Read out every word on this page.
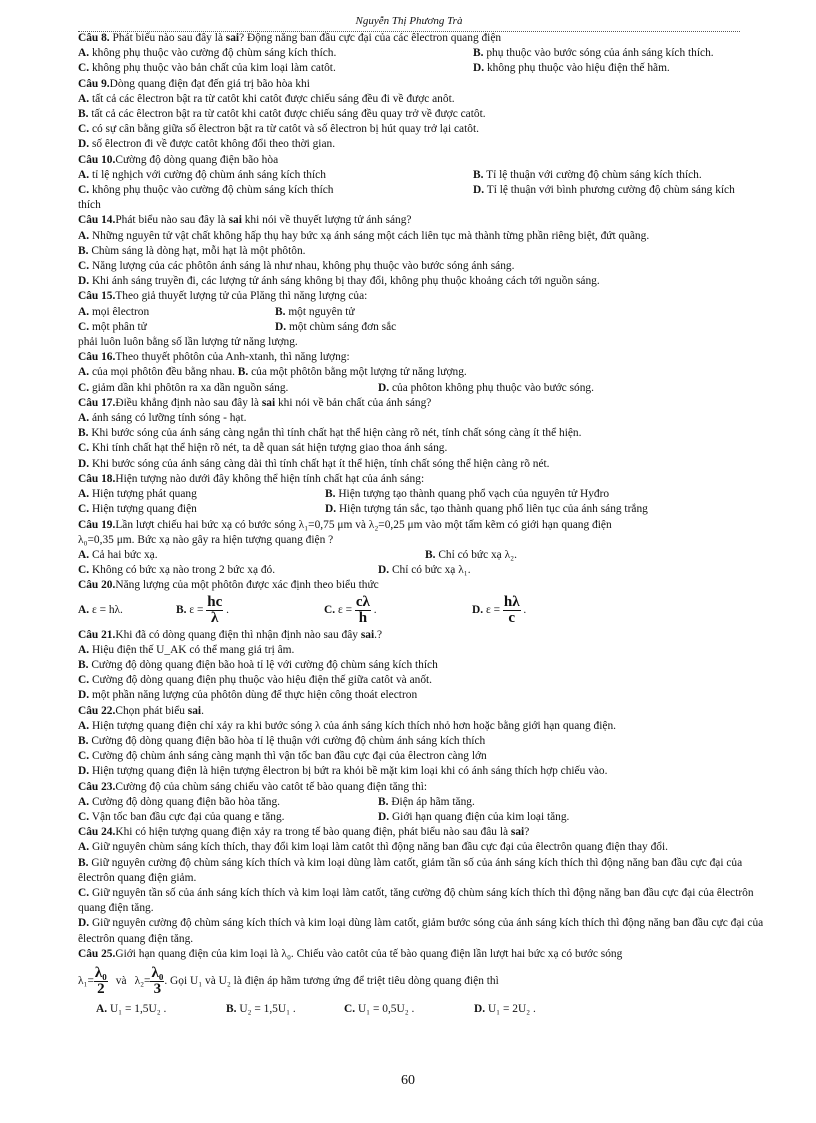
Nguyễn Thị Phương Trà
Câu 8. Phát biểu nào sau đây là sai? Động năng ban đầu cực đại của các êlectron quang điện
A. không phụ thuộc vào cường độ chùm sáng kích thích.	B. phụ thuộc vào bước sóng của ánh sáng kích thích.
C. không phụ thuộc vào bản chất của kim loại làm catôt.	D. không phụ thuộc vào hiệu điện thế hãm.
Câu 9.Dòng quang điện đạt đến giá trị bão hòa khi
A. tất cả các êlectron bật ra từ catôt khi catôt được chiếu sáng đều đi về được anôt.
B. tất cả các êlectron bật ra từ catôt khi catôt được chiếu sáng đều quay trở về được catôt.
C. có sự cân bằng giữa số êlectron bật ra từ catôt và số êlectron bị hút quay trở lại catôt.
D. số êlectron đi về được catôt không đổi theo thời gian.
Câu 10.Cường độ dòng quang điện bão hòa
A. tỉ lệ nghịch với cường độ chùm ánh sáng kích thích	B. Tỉ lệ thuận với cường độ chùm sáng kích thích.
C. không phụ thuộc vào cường độ chùm sáng kích thích	D. Tỉ lệ thuận với bình phương cường độ chùm sáng kích
thích
Câu 14.Phát biểu nào sau đây là sai khi nói về thuyết lượng tử ánh sáng?
A. Những nguyên tử vật chất không hấp thụ hay bức xạ ánh sáng một cách liên tục mà thành từng phần riêng biệt, đứt quãng.
B. Chùm sáng là dòng hạt, mỗi hạt là một phôtôn.
C. Năng lượng của các phôtôn ánh sáng là như nhau, không phụ thuộc vào bước sóng ánh sáng.
D. Khi ánh sáng truyền đi, các lượng tử ánh sáng không bị thay đổi, không phụ thuộc khoảng cách tới nguồn sáng.
Câu 15.Theo giả thuyết lượng tử của Plăng thì năng lượng của:
A. mọi êlectron	B. một nguyên tử
C. một phân tử	D. một chùm sáng đơn sắc
phải luôn luôn bằng số lần lượng tử năng lượng.
Câu 16.Theo thuyết phôtôn của Anh-xtanh, thì năng lượng:
A. của mọi phôtôn đều bằng nhau. B. của một phôtôn bằng một lượng tử năng lượng.
C. giảm dần khi phôtôn ra xa dần nguồn sáng.	D. của phôton không phụ thuộc vào bước sóng.
Câu 17.Điều khẳng định nào sau đây là sai khi nói về bản chất của ánh sáng?
A. ánh sáng có lưỡng tính sóng - hạt.
B. Khi bước sóng của ánh sáng càng ngắn thì tính chất hạt thể hiện càng rõ nét, tính chất sóng càng ít thể hiện.
C. Khi tính chất hạt thể hiện rõ nét, ta dễ quan sát hiện tượng giao thoa ánh sáng.
D. Khi bước sóng của ánh sáng càng dài thì tính chất hạt ít thể hiện, tính chất sóng thể hiện càng rõ nét.
Câu 18.Hiện tượng nào dưới đây không thể hiện tính chất hạt của ánh sáng:
A. Hiện tượng phát quang	B. Hiện tượng tạo thành quang phổ vạch của nguyên tử Hyđro
C. Hiện tượng quang điện	D. Hiện tượng tán sắc, tạo thành quang phổ liên tục của ánh sáng trắng
Câu 19.Lần lượt chiếu hai bức xạ có bước sóng λ₁=0,75 μm và λ₂=0,25 μm vào một tấm kẽm có giới hạn quang điện
λ₀=0,35 μm. Bức xạ nào gây ra hiện tượng quang điện ?
A. Cả hai bức xạ.	B. Chỉ có bức xạ λ₂.
C. Không có bức xạ nào trong 2 bức xạ đó.	D. Chỉ có bức xạ λ₁.
Câu 20.Năng lượng của một phôtôn được xác định theo biểu thức
A. ε = hλ.	B. $\varepsilon = \frac{hc}{\lambda}$ .	C. $\varepsilon = \frac{c\lambda}{h}$ .	D. $\varepsilon = \frac{h\lambda}{c}$ .
Câu 21.Khi đã có dòng quang điện thì nhận định nào sau đây sai.?
A. Hiệu điện thế U_AK có thể mang giá trị âm.
B. Cường độ dòng quang điện bão hoà tỉ lệ với cường độ chùm sáng kích thích
C. Cường độ dòng quang điện phụ thuộc vào hiệu điện thế giữa catôt và anốt.
D. một phần năng lượng của phôtôn dùng để thực hiện công thoát electron
Câu 22.Chọn phát biểu sai.
A. Hiện tượng quang điện chỉ xảy ra khi bước sóng λ của ánh sáng kích thích nhỏ hơn hoặc bằng giới hạn quang điện.
B. Cường độ dòng quang điện bão hòa tỉ lệ thuận với cường độ chùm ánh sáng kích thích
C. Cường độ chùm ánh sáng càng mạnh thì vận tốc ban đầu cực đại của êlectron càng lớn
D. Hiện tượng quang điện là hiện tượng êlectron bị bứt ra khỏi bề mặt kim loại khi có ánh sáng thích hợp chiếu vào.
Câu 23.Cường độ của chùm sáng chiếu vào catôt tế bào quang điện tăng thì:
A. Cường độ dòng quang điện bão hòa tăng.	B. Điện áp hãm tăng.
C. Vận tốc ban đầu cực đại của quang e tăng.	D. Giới hạn quang điện của kim loại tăng.
Câu 24.Khi có hiện tượng quang điện xảy ra trong tế bào quang điện, phát biểu nào sau đâu là sai?
A. Giữ nguyên chùm sáng kích thích, thay đổi kim loại làm catôt thì động năng ban đầu cực đại của êlectrôn quang điện thay đổi.
B. Giữ nguyên cường độ chùm sáng kích thích và kim loại dùng làm catốt, giảm tần số của ánh sáng kích thích thì động năng ban đầu cực đại của êlectrôn quang điện giảm.
C. Giữ nguyên tần số của ánh sáng kích thích và kim loại làm catốt, tăng cường độ chùm sáng kích thích thì động năng ban đầu cực đại của êlectrôn quang điện tăng.
D. Giữ nguyên cường độ chùm sáng kích thích và kim loại dùng làm catốt, giảm bước sóng của ánh sáng kích thích thì động năng ban đầu cực đại của êlectrôn quang điện tăng.
Câu 25.Giới hạn quang điện của kim loại là λ₀. Chiếu vào catôt của tế bào quang điện lần lượt hai bức xạ có bước sóng
$\lambda_1= \frac{\text{λ₀}}{2}$ và $\lambda_2= \frac{\text{λ₀}}{3}$ . Gọi U₁ và U₂ là điện áp hãm tương ứng để triệt tiêu dòng quang điện thì
A. U₁ = 1,5U₂ .	B. U₂ = 1,5U₁ .	C. U₁ = 0,5U₂ .	D. U₁ = 2U₂ .
60
